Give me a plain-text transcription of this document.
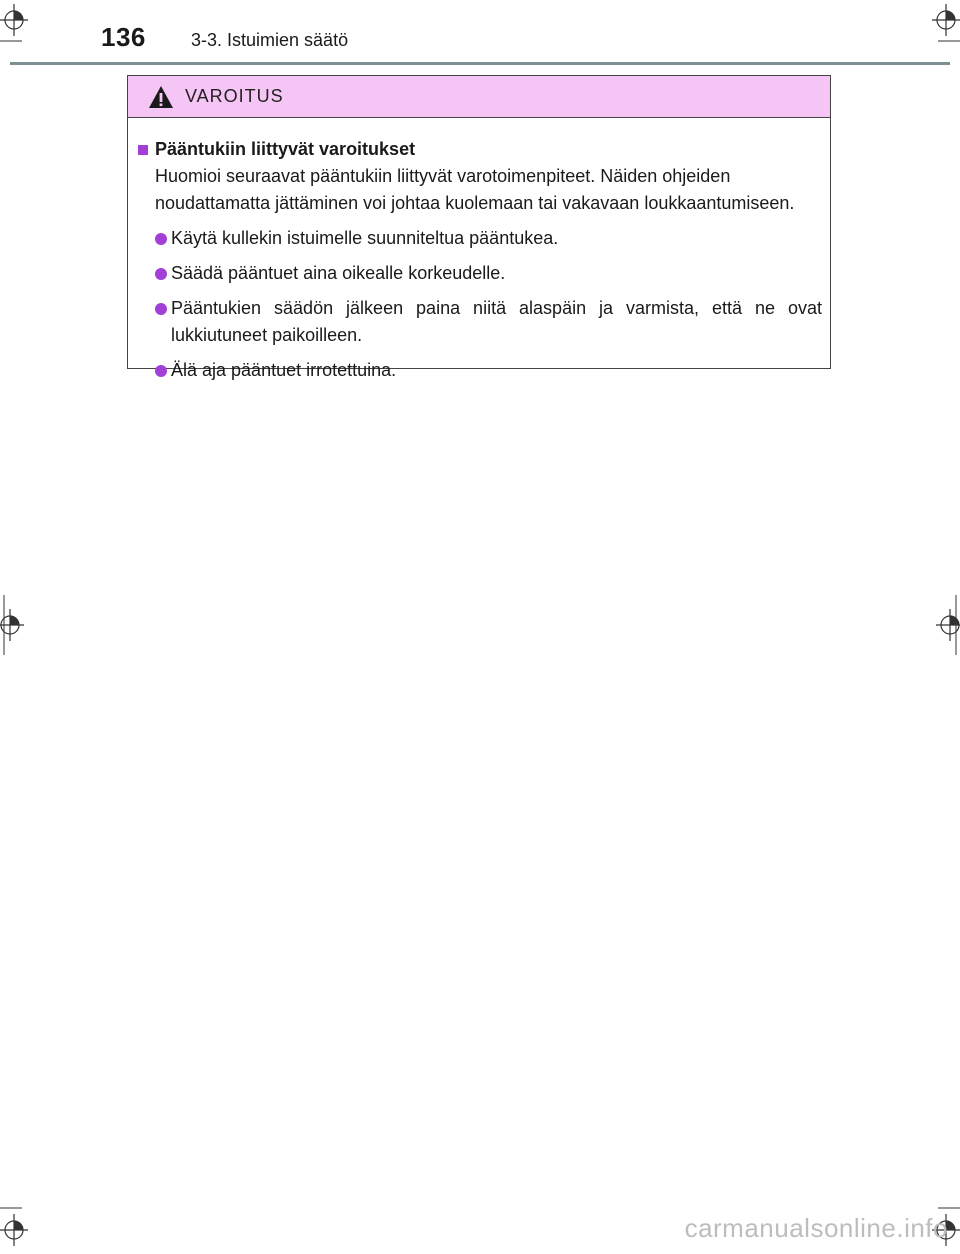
136	3-3. Istuimien säätö
VAROITUS
Pääntukiin liittyvät varoitukset
Huomioi seuraavat pääntukiin liittyvät varotoimenpiteet. Näiden ohjeiden noudattamatta jättäminen voi johtaa kuolemaan tai vakavaan loukkaantumiseen.
Käytä kullekin istuimelle suunniteltua pääntukea.
Säädä pääntuet aina oikealle korkeudelle.
Pääntukien säädön jälkeen paina niitä alaspäin ja varmista, että ne ovat lukkiutuneet paikoilleen.
Älä aja pääntuet irrotettuina.
carmanualsonline.info
